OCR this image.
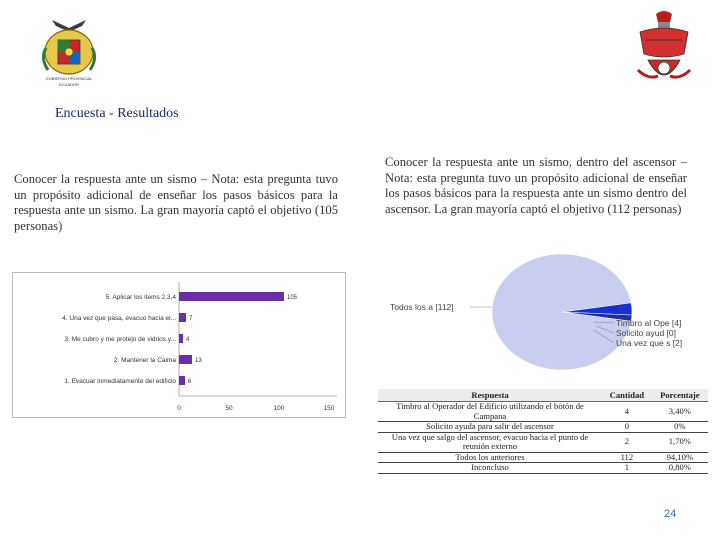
GOBIERNO PROVINCIAL
ECUADOR
Encuesta - Resultados
Conocer la respuesta ante un sismo – Nota: esta pregunta tuvo un propósito adicional de enseñar los pasos básicos para la respuesta ante un sismo. La gran mayoría captó el objetivo (105 personas)
Conocer la respuesta ante un sismo, dentro del ascensor – Nota: esta pregunta tuvo un propósito adicional de enseñar los pasos básicos para la respuesta ante un sismo dentro del ascensor. La gran mayoría captó el objetivo (112 personas)
5. Aplicar los items 2,3,4
4. Una vez que pasa, evacuo hacia el...
3. Me cubro y me protejo de vidrios y...
2. Mantener la Calma
1. Evacuar inmediatamente del edificio
105
7
4
13
6
0	50	100	150
Todos los a [112]
Timbro al Ope [4]
Solicito ayud [0]
Una vez que s [2]
Respuesta	Cantidad	Porcentaje
Timbro al Operador del Edificio utilizando el botón de Campana	4	3,40%
Solicito ayuda para salir del ascensor	0	0%
Una vez que salgo del ascensor, evacuo hacia el punto de reunión externo	2	1,70%
Todos los anteriores	112	94,10%
Inconcluso	1	0,80%
24
